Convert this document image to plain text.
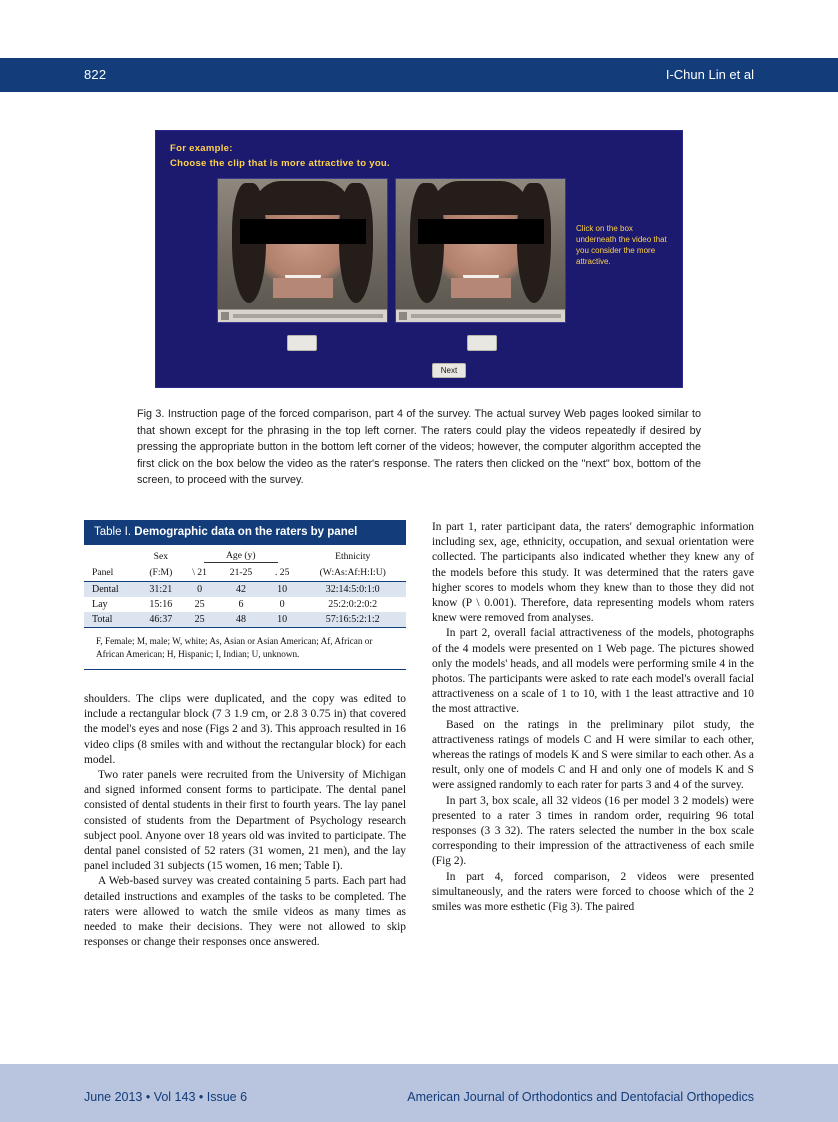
822	I-Chun Lin et al
For example:
Choose the clip that is more attractive to you.
Click on the box underneath the video that you consider the more attractive.
Next
Fig 3. Instruction page of the forced comparison, part 4 of the survey. The actual survey Web pages looked similar to that shown except for the phrasing in the top left corner. The raters could play the videos repeatedly if desired by pressing the appropriate button in the bottom left corner of the videos; however, the computer algorithm accepted the first click on the box below the video as the rater's response. The raters then clicked on the "next" box, bottom of the screen, to proceed with the survey.
Table I. Demographic data on the raters by panel
	Sex	Age (y)			Ethnicity
Panel	(F:M)	\ 21	21-25	. 25	(W:As:Af:H:I:U)
Dental	31:21	0	42	10	32:14:5:0:1:0
Lay	15:16	25	6	0	25:2:0:2:0:2
Total	46:37	25	48	10	57:16:5:2:1:2
F, Female; M, male; W, white; As, Asian or Asian American; Af, African or African American; H, Hispanic; I, Indian; U, unknown.

shoulders. The clips were duplicated, and the copy was edited to include a rectangular block (7 3 1.9 cm, or 2.8 3 0.75 in) that covered the model's eyes and nose (Figs 2 and 3). This approach resulted in 16 video clips (8 smiles with and without the rectangular block) for each model.

Two rater panels were recruited from the University of Michigan and signed informed consent forms to participate. The dental panel consisted of dental students in their first to fourth years. The lay panel consisted of students from the Department of Psychology research subject pool. Anyone over 18 years old was invited to participate. The dental panel consisted of 52 raters (31 women, 21 men), and the lay panel included 31 subjects (15 women, 16 men; Table I).

A Web-based survey was created containing 5 parts. Each part had detailed instructions and examples of the tasks to be completed. The raters were allowed to watch the smile videos as many times as needed to make their decisions. They were not allowed to skip responses or change their responses once answered.

In part 1, rater participant data, the raters' demographic information including sex, age, ethnicity, occupation, and sexual orientation were collected. The participants also indicated whether they knew any of the models before this study. It was determined that the raters gave higher scores to models whom they knew than to those they did not know (P \ 0.001). Therefore, data representing models whom raters knew were removed from analyses.

In part 2, overall facial attractiveness of the models, photographs of the 4 models were presented on 1 Web page. The pictures showed only the models' heads, and all models were performing smile 4 in the photos. The participants were asked to rate each model's overall facial attractiveness on a scale of 1 to 10, with 1 the least attractive and 10 the most attractive.

Based on the ratings in the preliminary pilot study, the attractiveness ratings of models C and H were similar to each other, whereas the ratings of models K and S were similar to each other. As a result, only one of models C and H and only one of models K and S were assigned randomly to each rater for parts 3 and 4 of the survey.

In part 3, box scale, all 32 videos (16 per model 3 2 models) were presented to a rater 3 times in random order, requiring 96 total responses (3 3 32). The raters selected the number in the box scale corresponding to their impression of the attractiveness of each smile (Fig 2).

In part 4, forced comparison, 2 videos were presented simultaneously, and the raters were forced to choose which of the 2 smiles was more esthetic (Fig 3). The paired

June 2013 • Vol 143 • Issue 6	American Journal of Orthodontics and Dentofacial Orthopedics
